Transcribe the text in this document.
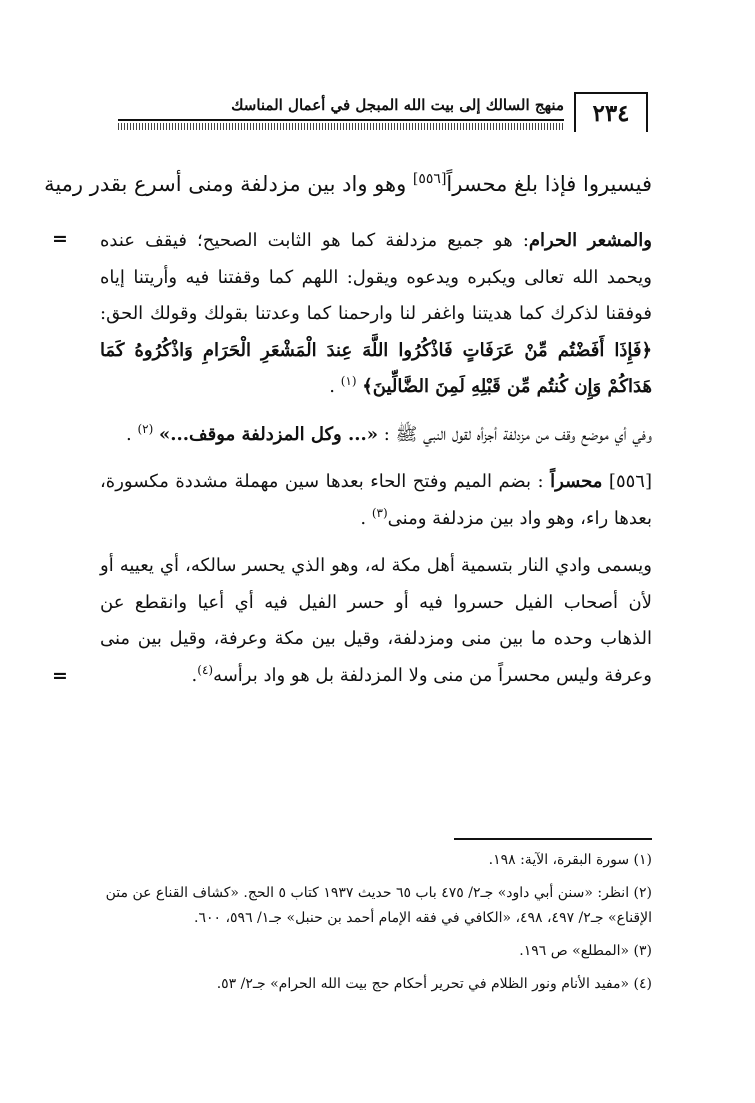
٢٣٤
منهج السالك إلى بيت الله المبجل في أعمال المناسك
فيسيروا فإذا بلغ محسراً[٥٥٦] وهو واد بين مزدلفة ومنى أسرع بقدر رمية

=	والمشعر الحرام: هو جميع مزدلفة كما هو الثابت الصحيح؛ فيقف عنده ويحمد الله تعالى ويكبره ويدعوه ويقول: اللهم كما وقفتنا فيه وأريتنا إياه فوفقنا لذكرك كما هديتنا واغفر لنا وارحمنا كما وعدتنا بقولك وقولك الحق: ﴿فَإِذَا أَفَضْتُم مِّنْ عَرَفَاتٍ فَاذْكُرُوا اللَّهَ عِندَ الْمَشْعَرِ الْحَرَامِ وَاذْكُرُوهُ كَمَا هَدَاكُمْ وَإِن كُنتُم مِّن قَبْلِهِ لَمِنَ الضَّالِّينَ﴾ $^{(١)}$ .

وفي أي موضع وقف من مزدلفة أجزأه لقول النبي ﷺ : «... وكل المزدلفة موقف...» $^{(٢)}$ .

[٥٥٦] محسراً : بضم الميم وفتح الحاء بعدها سين مهملة مشددة مكسورة، بعدها راء، وهو واد بين مزدلفة ومنى$^{(٣)}$ .

ويسمى وادي النار بتسمية أهل مكة له، وهو الذي يحسر سالكه، أي يعييه أو لأن أصحاب الفيل حسروا فيه أو حسر الفيل فيه أي أعيا وانقطع عن الذهاب وحده ما بين منى ومزدلفة، وقيل بين مكة وعرفة، وقيل بين منى وعرفة وليس محسراً من منى ولا المزدلفة بل هو واد برأسه$^{(٤)}$.
=

(١) سورة البقرة، الآية: ١٩٨.

(٢) انظر: «سنن أبي داود» جـ٢/ ٤٧٥ باب ٦٥ حديث ١٩٣٧ كتاب ٥ الحج. «كشاف القناع عن متن الإقناع» جـ٢/ ٤٩٧، ٤٩٨، «الكافي في فقه الإمام أحمد بن حنبل» جـ١/ ٥٩٦، ٦٠٠.

(٣) «المطلع» ص ١٩٦.

(٤) «مفيد الأنام ونور الظلام في تحرير أحكام حج بيت الله الحرام» جـ٢/ ٥٣.
